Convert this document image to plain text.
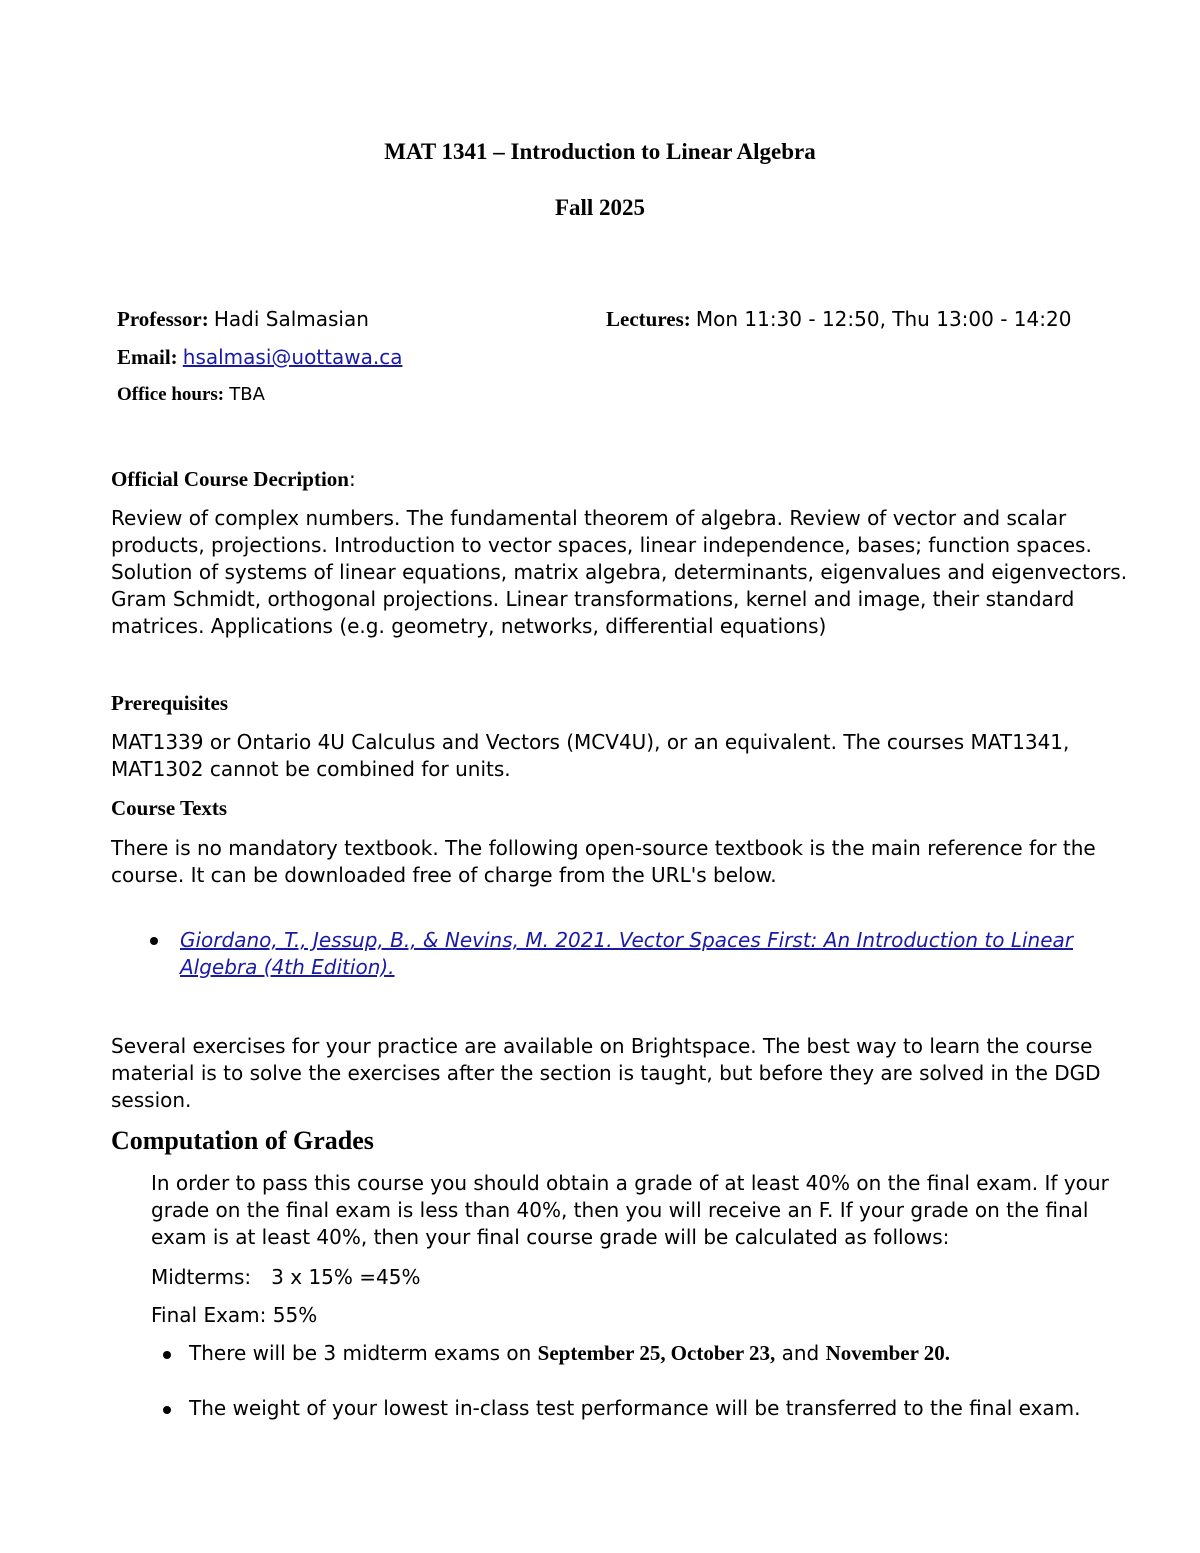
MAT 1341 – Introduction to Linear Algebra
Fall 2025
Professor: Hadi Salmasian	Lectures: Mon 11:30 - 12:50, Thu 13:00 - 14:20
Email: hsalmasi@uottawa.ca
Office hours: TBA
Official Course Decription:
Review of complex numbers. The fundamental theorem of algebra. Review of vector and scalar
products, projections. Introduction to vector spaces, linear independence, bases; function spaces.
Solution of systems of linear equations, matrix algebra, determinants, eigenvalues and eigenvectors.
Gram Schmidt, orthogonal projections. Linear transformations, kernel and image, their standard
matrices. Applications (e.g. geometry, networks, differential equations)
Prerequisites
MAT1339 or Ontario 4U Calculus and Vectors (MCV4U), or an equivalent. The courses MAT1341,
MAT1302 cannot be combined for units.
Course Texts
There is no mandatory textbook. The following open-source textbook is the main reference for the
course. It can be downloaded free of charge from the URL's below.
Giordano, T., Jessup, B., & Nevins, M. 2021. Vector Spaces First: An Introduction to Linear
Algebra (4th Edition).
Several exercises for your practice are available on Brightspace. The best way to learn the course
material is to solve the exercises after the section is taught, but before they are solved in the DGD
session.
Computation of Grades
In order to pass this course you should obtain a grade of at least 40% on the final exam. If your
grade on the final exam is less than 40%, then you will receive an F. If your grade on the final
exam is at least 40%, then your final course grade will be calculated as follows:
Midterms: 3 x 15% =45%
Final Exam: 55%
There will be 3 midterm exams on September 25, October 23, and November 20.
The weight of your lowest in-class test performance will be transferred to the final exam.
